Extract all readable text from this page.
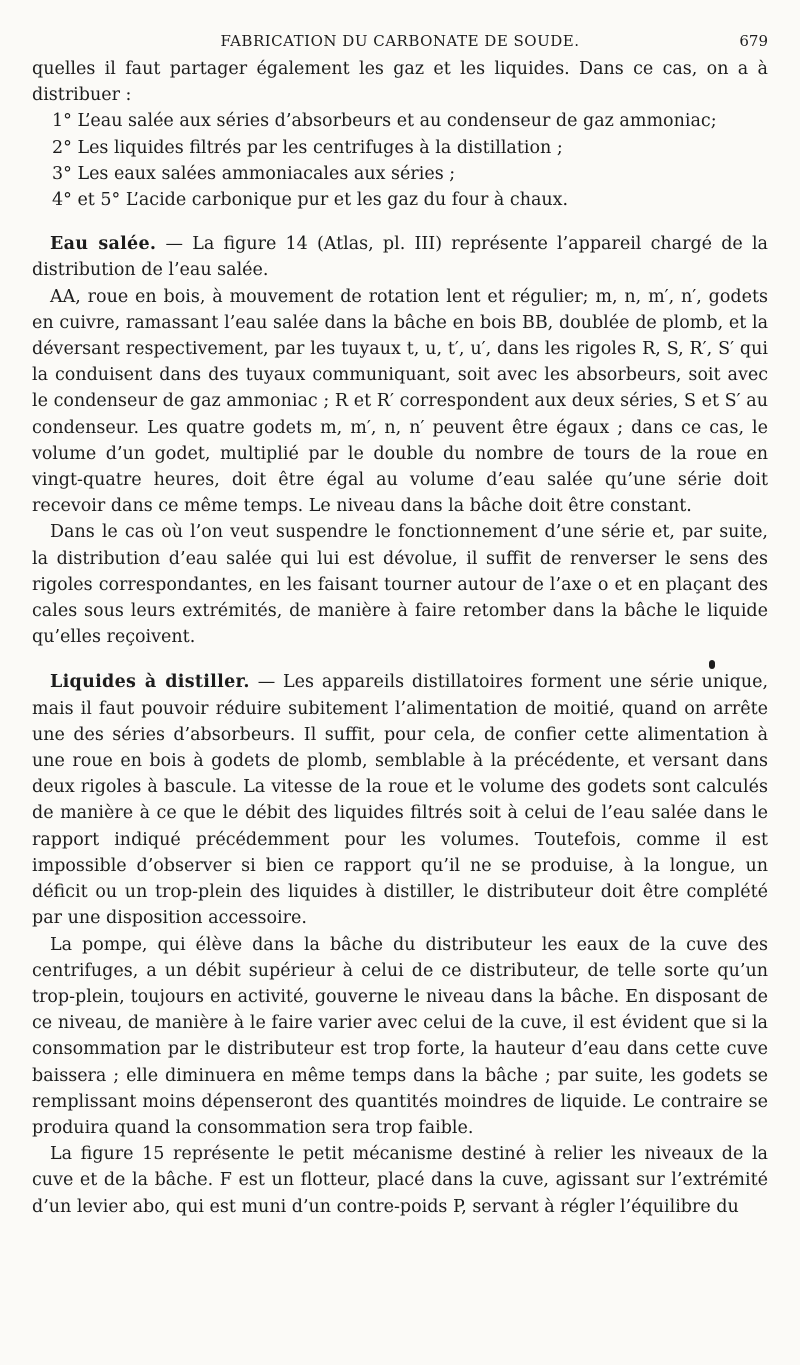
FABRICATION DU CARBONATE DE SOUDE.	679

quelles il faut partager également les gaz et les liquides. Dans ce cas, on a à distribuer :

1° L’eau salée aux séries d’absorbeurs et au condenseur de gaz ammoniac;

2° Les liquides filtrés par les centrifuges à la distillation ;

3° Les eaux salées ammoniacales aux séries ;

4° et 5° L’acide carbonique pur et les gaz du four à chaux.

Eau salée. — La figure 14 (Atlas, pl. III) représente l’appareil chargé de la distribution de l’eau salée.

AA, roue en bois, à mouvement de rotation lent et régulier; m, n, m′, n′, godets en cuivre, ramassant l’eau salée dans la bâche en bois BB, doublée de plomb, et la déversant respectivement, par les tuyaux t, u, t′, u′, dans les rigoles R, S, R′, S′ qui la conduisent dans des tuyaux communiquant, soit avec les absorbeurs, soit avec le condenseur de gaz ammoniac ; R et R′ correspondent aux deux séries, S et S′ au condenseur. Les quatre godets m, m′, n, n′ peuvent être égaux ; dans ce cas, le volume d’un godet, multiplié par le double du nombre de tours de la roue en vingt-quatre heures, doit être égal au volume d’eau salée qu’une série doit recevoir dans ce même temps. Le niveau dans la bâche doit être constant.

Dans le cas où l’on veut suspendre le fonctionnement d’une série et, par suite, la distribution d’eau salée qui lui est dévolue, il suffit de renverser le sens des rigoles correspondantes, en les faisant tourner autour de l’axe o et en plaçant des cales sous leurs extrémités, de manière à faire retomber dans la bâche le liquide qu’elles reçoivent.

Liquides à distiller. — Les appareils distillatoires forment une série unique, mais il faut pouvoir réduire subitement l’alimentation de moitié, quand on arrête une des séries d’absorbeurs. Il suffit, pour cela, de confier cette alimentation à une roue en bois à godets de plomb, semblable à la précédente, et versant dans deux rigoles à bascule. La vitesse de la roue et le volume des godets sont calculés de manière à ce que le débit des liquides filtrés soit à celui de l’eau salée dans le rapport indiqué précédemment pour les volumes. Toutefois, comme il est impossible d’observer si bien ce rapport qu’il ne se produise, à la longue, un déficit ou un trop-plein des liquides à distiller, le distributeur doit être complété par une disposition accessoire.

La pompe, qui élève dans la bâche du distributeur les eaux de la cuve des centrifuges, a un débit supérieur à celui de ce distributeur, de telle sorte qu’un trop-plein, toujours en activité, gouverne le niveau dans la bâche. En disposant de ce niveau, de manière à le faire varier avec celui de la cuve, il est évident que si la consommation par le distributeur est trop forte, la hauteur d’eau dans cette cuve baissera ; elle diminuera en même temps dans la bâche ; par suite, les godets se remplissant moins dépenseront des quantités moindres de liquide. Le contraire se produira quand la consommation sera trop faible.

La figure 15 représente le petit mécanisme destiné à relier les niveaux de la cuve et de la bâche. F est un flotteur, placé dans la cuve, agissant sur l’extrémité d’un levier abo, qui est muni d’un contre-poids P, servant à régler l’équilibre du
